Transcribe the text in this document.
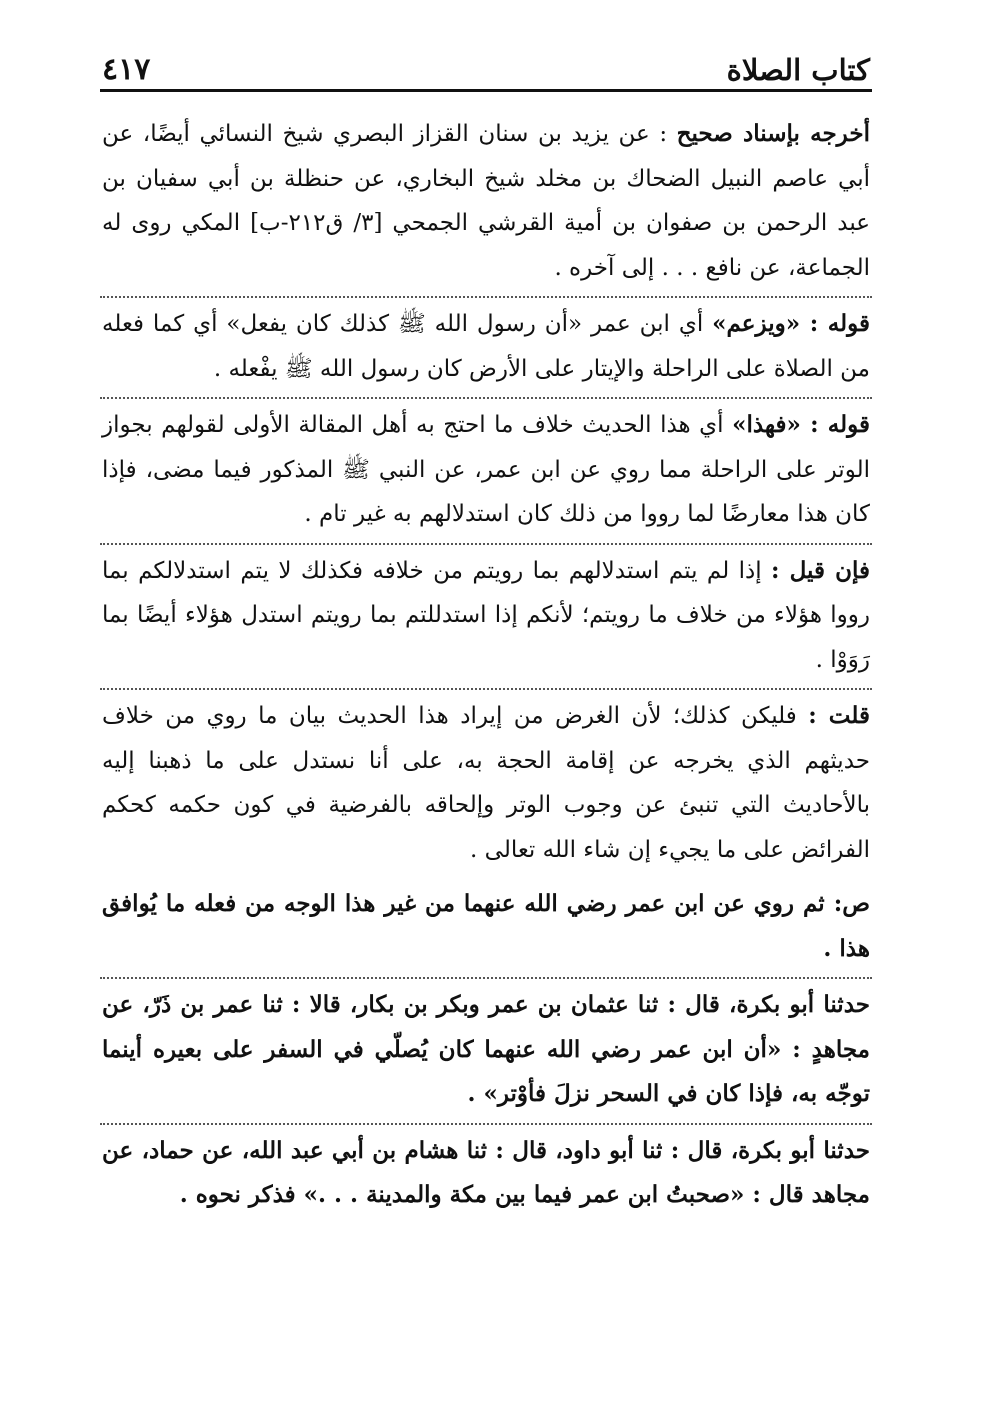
كتاب الصلاة
٤١٧

أخرجه بإسناد صحيح : عن يزيد بن سنان القزاز البصري شيخ النسائي أيضًا، عن أبي عاصم النبيل الضحاك بن مخلد شيخ البخاري، عن حنظلة بن أبي سفيان بن عبد الرحمن بن صفوان بن أمية القرشي الجمحي [٣/ ق٢١٢-ب] المكي روى له الجماعة، عن نافع . . . إلى آخره .

قوله : «ويزعم» أي ابن عمر «أن رسول الله ﷺ كذلك كان يفعل» أي كما فعله من الصلاة على الراحلة والإيتار على الأرض كان رسول الله ﷺ يفْعله .

قوله : «فهذا» أي هذا الحديث خلاف ما احتج به أهل المقالة الأولى لقولهم بجواز الوتر على الراحلة مما روي عن ابن عمر، عن النبي ﷺ المذكور فيما مضى، فإذا كان هذا معارضًا لما رووا من ذلك كان استدلالهم به غير تام .

فإن قيل : إذا لم يتم استدلالهم بما رويتم من خلافه فكذلك لا يتم استدلالكم بما رووا هؤلاء من خلاف ما رويتم؛ لأنكم إذا استدللتم بما رويتم استدل هؤلاء أيضًا بما رَوَوْا .

قلت : فليكن كذلك؛ لأن الغرض من إيراد هذا الحديث بيان ما روي من خلاف حديثهم الذي يخرجه عن إقامة الحجة به، على أنا نستدل على ما ذهبنا إليه بالأحاديث التي تنبئ عن وجوب الوتر وإلحاقه بالفرضية في كون حكمه كحكم الفرائض على ما يجيء إن شاء الله تعالى .

ص: ثم روي عن ابن عمر رضي الله عنهما من غير هذا الوجه من فعله ما يُوافق هذا .

حدثنا أبو بكرة، قال : ثنا عثمان بن عمر وبكر بن بكار، قالا : ثنا عمر بن ذَرّ، عن مجاهدٍ : «أن ابن عمر رضي الله عنهما كان يُصلّي في السفر على بعيره أينما توجّه به، فإذا كان في السحر نزلَ فأوْتر» .

حدثنا أبو بكرة، قال : ثنا أبو داود، قال : ثنا هشام بن أبي عبد الله، عن حماد، عن مجاهد قال : «صحبتُ ابن عمر فيما بين مكة والمدينة . . .» فذكر نحوه .
